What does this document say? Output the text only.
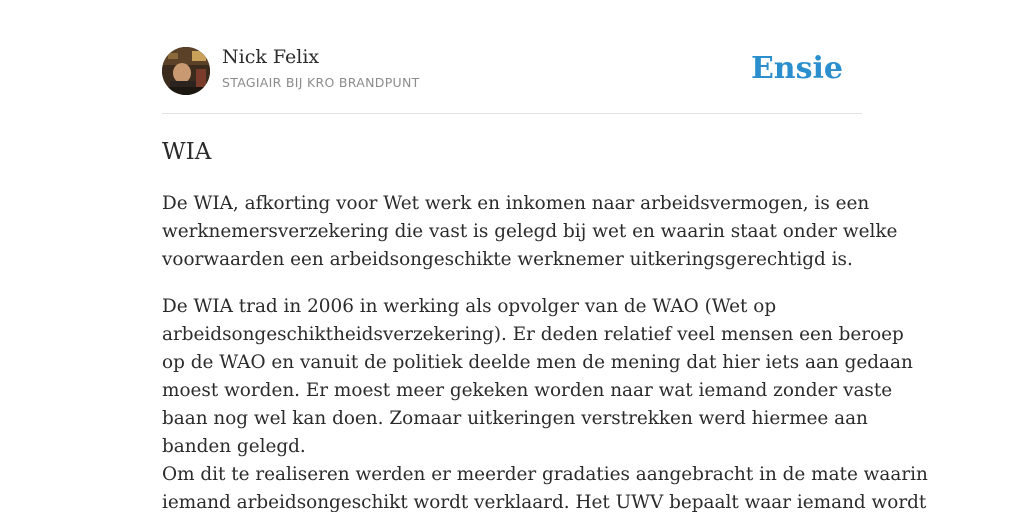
Nick Felix
STAGIAIR BIJ KRO BRANDPUNT	Ensie
WIA

De WIA, afkorting voor Wet werk en inkomen naar arbeidsvermogen, is een
werknemersverzekering die vast is gelegd bij wet en waarin staat onder welke
voorwaarden een arbeidsongeschikte werknemer uitkeringsgerechtigd is.

De WIA trad in 2006 in werking als opvolger van de WAO (Wet op
arbeidsongeschiktheidsverzekering). Er deden relatief veel mensen een beroep
op de WAO en vanuit de politiek deelde men de mening dat hier iets aan gedaan
moest worden. Er moest meer gekeken worden naar wat iemand zonder vaste
baan nog wel kan doen. Zomaar uitkeringen verstrekken werd hiermee aan
banden gelegd.
Om dit te realiseren werden er meerder gradaties aangebracht in de mate waarin
iemand arbeidsongeschikt wordt verklaard. Het UWV bepaalt waar iemand wordt
